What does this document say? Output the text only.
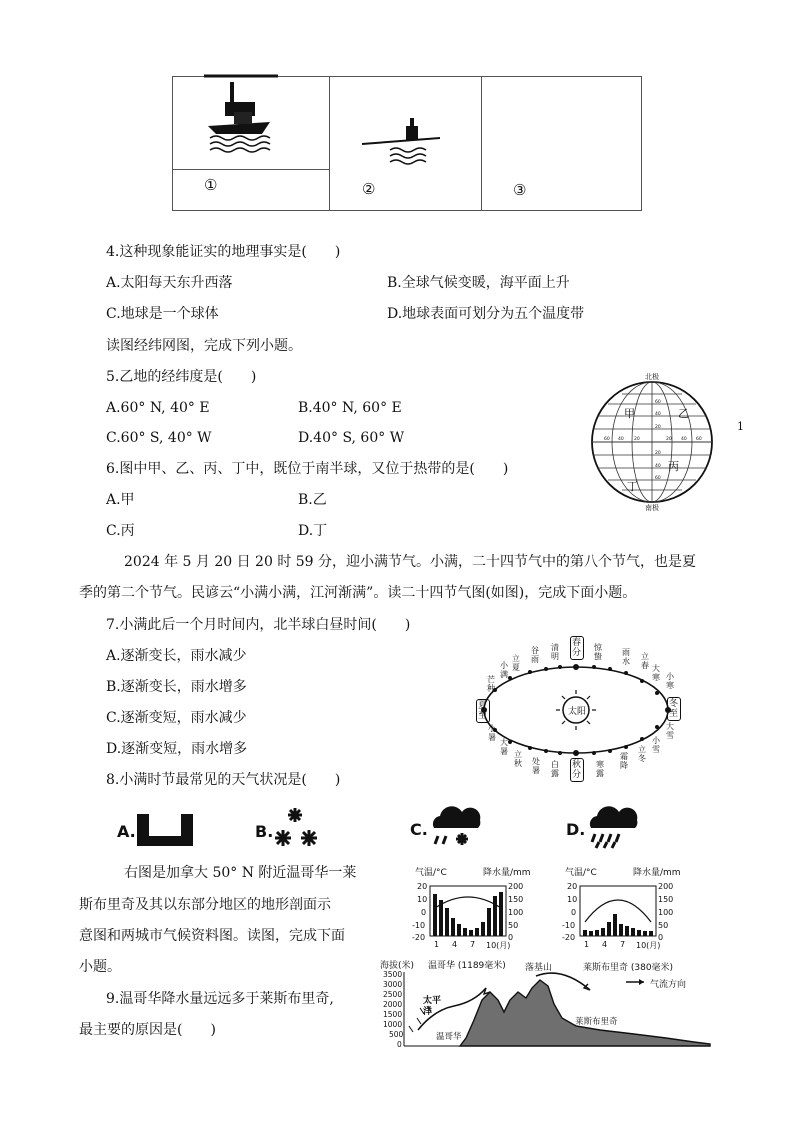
①	②	③
4.这种现象能证实的地理事实是(　　)
A.太阳每天东升西落	B.全球气候变暖，海平面上升
C.地球是一个球体	D.地球表面可划分为五个温度带
读图经纬网图，完成下列小题。
5.乙地的经纬度是(　　)
A.60° N, 40° E	B.40° N, 60° E
C.60° S, 40° W	D.40° S, 60° W
60
40
20
20
40
60
60 40 20	20 40 60
北极
南极
甲	乙
丙
丁
1
6.图中甲、乙、丙、丁中，既位于南半球，又位于热带的是(　　)
A.甲	B.乙
C.丙	D.丁
2024 年 5 月 20 日 20 时 59 分，迎小满节气。小满，二十四节气中的第八个节气，也是夏
季的第二个节气。民谚云“小满小满，江河渐满”。读二十四节气图(如图)，完成下面小题。
7.小满此后一个月时间内，北半球白昼时间(　　)
A.逐渐变长，雨水减少
B.逐渐变长，雨水增多
C.逐渐变短，雨水减少
D.逐渐变短，雨水增多
太阳
春分
夏至
秋分
冬至
立夏
谷雨
清明
惊蛰	雨水
立春
小满
芒种
大寒 小寒
大雪
小雪
小暑
大暑 立秋 处暑
白露
寒露
霜降
立冬
8.小满时节最常见的天气状况是(　　)
A.	B.	C.	D.
右图是加拿大 50° N 附近温哥华一莱
斯布里奇及其以东部分地区的地形剖面示
意图和两城市气候资料图。读图，完成下面
小题。
9.温哥华降水量远远多于莱斯布里奇,
最主要的原因是(　　)
气温/°C	降水量/mm
20
10
0
-10
-20
200
150
100
50
0
1 4 7 10(月)
气温/°C	降水量/mm
20
10
0
-10
-20
200
150
100
50
0
1 4 7 10(月)
海拔(米) 温哥华 (1189毫米) 落基山	莱斯布里奇 (380毫米)
3500
3000
2500
2000
1500
1000
500
0
气流方向
太平洋
温哥华
莱斯布里奇
